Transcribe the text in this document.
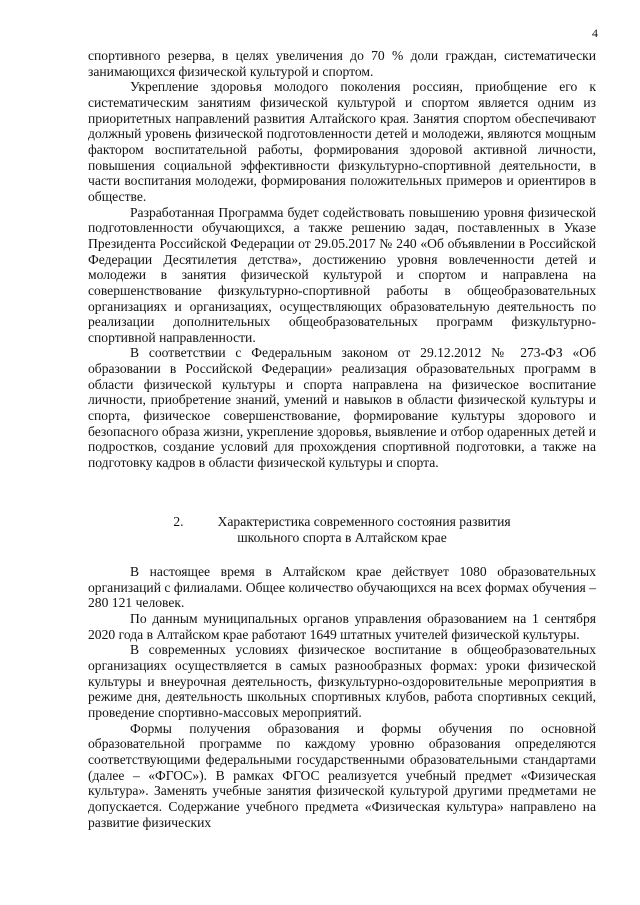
4

спортивного резерва, в целях увеличения до 70 % доли граждан, систематически занимающихся физической культурой и спортом.

Укрепление здоровья молодого поколения россиян, приобщение его к систематическим занятиям физической культурой и спортом является одним из приоритетных направлений развития Алтайского края. Занятия спортом обеспечивают должный уровень физической подготовленности детей и молодежи, являются мощным фактором воспитательной работы, формирования здоровой активной личности, повышения социальной эффективности физкультурно-спортивной деятельности, в части воспитания молодежи, формирования положительных примеров и ориентиров в обществе.

Разработанная Программа будет содействовать повышению уровня физической подготовленности обучающихся, а также решению задач, поставленных в Указе Президента Российской Федерации от 29.05.2017 № 240 «Об объявлении в Российской Федерации Десятилетия детства», достижению уровня вовлеченности детей и молодежи в занятия физической культурой и спортом и направлена на совершенствование физкультурно-спортивной работы в общеобразовательных организациях и организациях, осуществляющих образовательную деятельность по реализации дополнительных общеобразовательных программ физкультурно-спортивной направленности.

В соответствии с Федеральным законом от 29.12.2012 № 273-ФЗ «Об образовании в Российской Федерации» реализация образовательных программ в области физической культуры и спорта направлена на физическое воспитание личности, приобретение знаний, умений и навыков в области физической культуры и спорта, физическое совершенствование, формирование культуры здорового и безопасного образа жизни, укрепление здоровья, выявление и отбор одаренных детей и подростков, создание условий для прохождения спортивной подготовки, а также на подготовку кадров в области физической культуры и спорта.

2.	Характеристика современного состояния развития
школьного спорта в Алтайском крае

В настоящее время в Алтайском крае действует 1080 образовательных организаций с филиалами. Общее количество обучающихся на всех формах обучения – 280 121 человек.

По данным муниципальных органов управления образованием на 1 сентября 2020 года в Алтайском крае работают 1649 штатных учителей физической культуры.

В современных условиях физическое воспитание в общеобразовательных организациях осуществляется в самых разнообразных формах: уроки физической культуры и внеурочная деятельность, физкультурно-оздоровительные мероприятия в режиме дня, деятельность школьных спортивных клубов, работа спортивных секций, проведение спортивно-массовых мероприятий.

Формы получения образования и формы обучения по основной образовательной программе по каждому уровню образования определяются соответствующими федеральными государственными образовательными стандартами (далее – «ФГОС»). В рамках ФГОС реализуется учебный предмет «Физическая культура». Заменять учебные занятия физической культурой другими предметами не допускается. Содержание учебного предмета «Физическая культура» направлено на развитие физических
